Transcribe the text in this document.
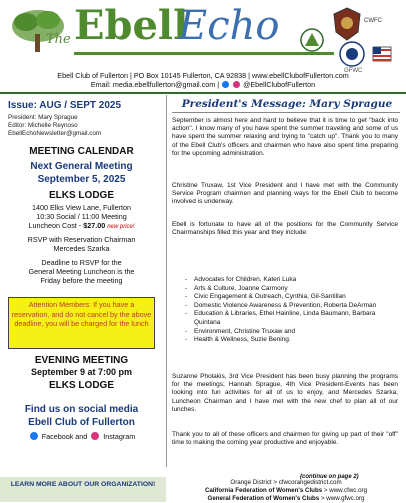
The Ebell

Echo	CWFC
GFWC
Ebell Club of Fullerton | PO Box 10145 Fullerton, CA 92838 | www.ebellClubofFullerton.com
Email: media.ebellfullerton@gmail.com |	@EbellClubofFullerton
Issue: AUG / SEPT 2025
President: Mary Sprague
Editor: Michelle Reynoso
EbellEchoNewsletter@gmail.com
MEETING CALENDAR
Next General Meeting
September 5, 2025
ELKS LODGE
1400 Elks View Lane, Fullerton
10:30 Social / 11:00 Meeting
Luncheon Cost - $27.00 new price!
RSVP with Reservation Chairman
Mercedes Szarka
Deadline to RSVP for the
General Meeting Luncheon is the
Friday before the meeting
Attention Members: If you have a reservation, and do not cancel by the above deadline, you will be charged for the lunch
EVENING MEETING
September 9 at 7:00 pm
ELKS LODGE
Find us on social media
Ebell Club of Fullerton
Facebook and Instagram
President's Message: Mary Sprague

September is almost here and hard to believe that it is time to get "back into action". I know many of you have spent the summer traveling and some of us have spent the summer relaxing and trying to "catch up". Thank you to many of the Ebell Club's officers and chairmen who have also spent time preparing for the upcoming administration.

Christine Truxaw, 1st Vice President and I have met with the Community Service Program chairmen and planning ways for the Ebell Club to become involved is underway.

Ebell is fortunate to have all of the positions for the Community Service Chairmanships filled this year and they include:

- Advocates for Children, Kateri Luka
- Arts & Culture, Joanne Carmony
- Civic Engagement & Outreach, Cynthia, Gil-Santillan
- Domestic Violence Awareness & Prevention, Roberta DeArman
- Education & Libraries, Ethel Hainline, Linda Baumann, Barbara Quintana
- Environment, Christine Truxaw and
- Health & Wellness, Suzie Bening.

Suzanne Pholakis, 3rd Vice President has been busy planning the programs for the meetings; Hannah Sprague, 4th Vice President-Events has been looking into fun activities for all of us to enjoy, and Mercedes Szarka, Luncheon Chairman and I have met with the new chef to plan all of our lunches.

Thank you to all of these officers and chairmen for giving up part of their "off" time to making the coming year productive and enjoyable.

(continue on page 2)
LEARN MORE ABOUT OUR ORGANIZATION!	Orange District > cfwcorangedistrict.com
California Federation of Women's Clubs > www.cfwc.org
General Federation of Women's Clubs > www.gfwc.org
